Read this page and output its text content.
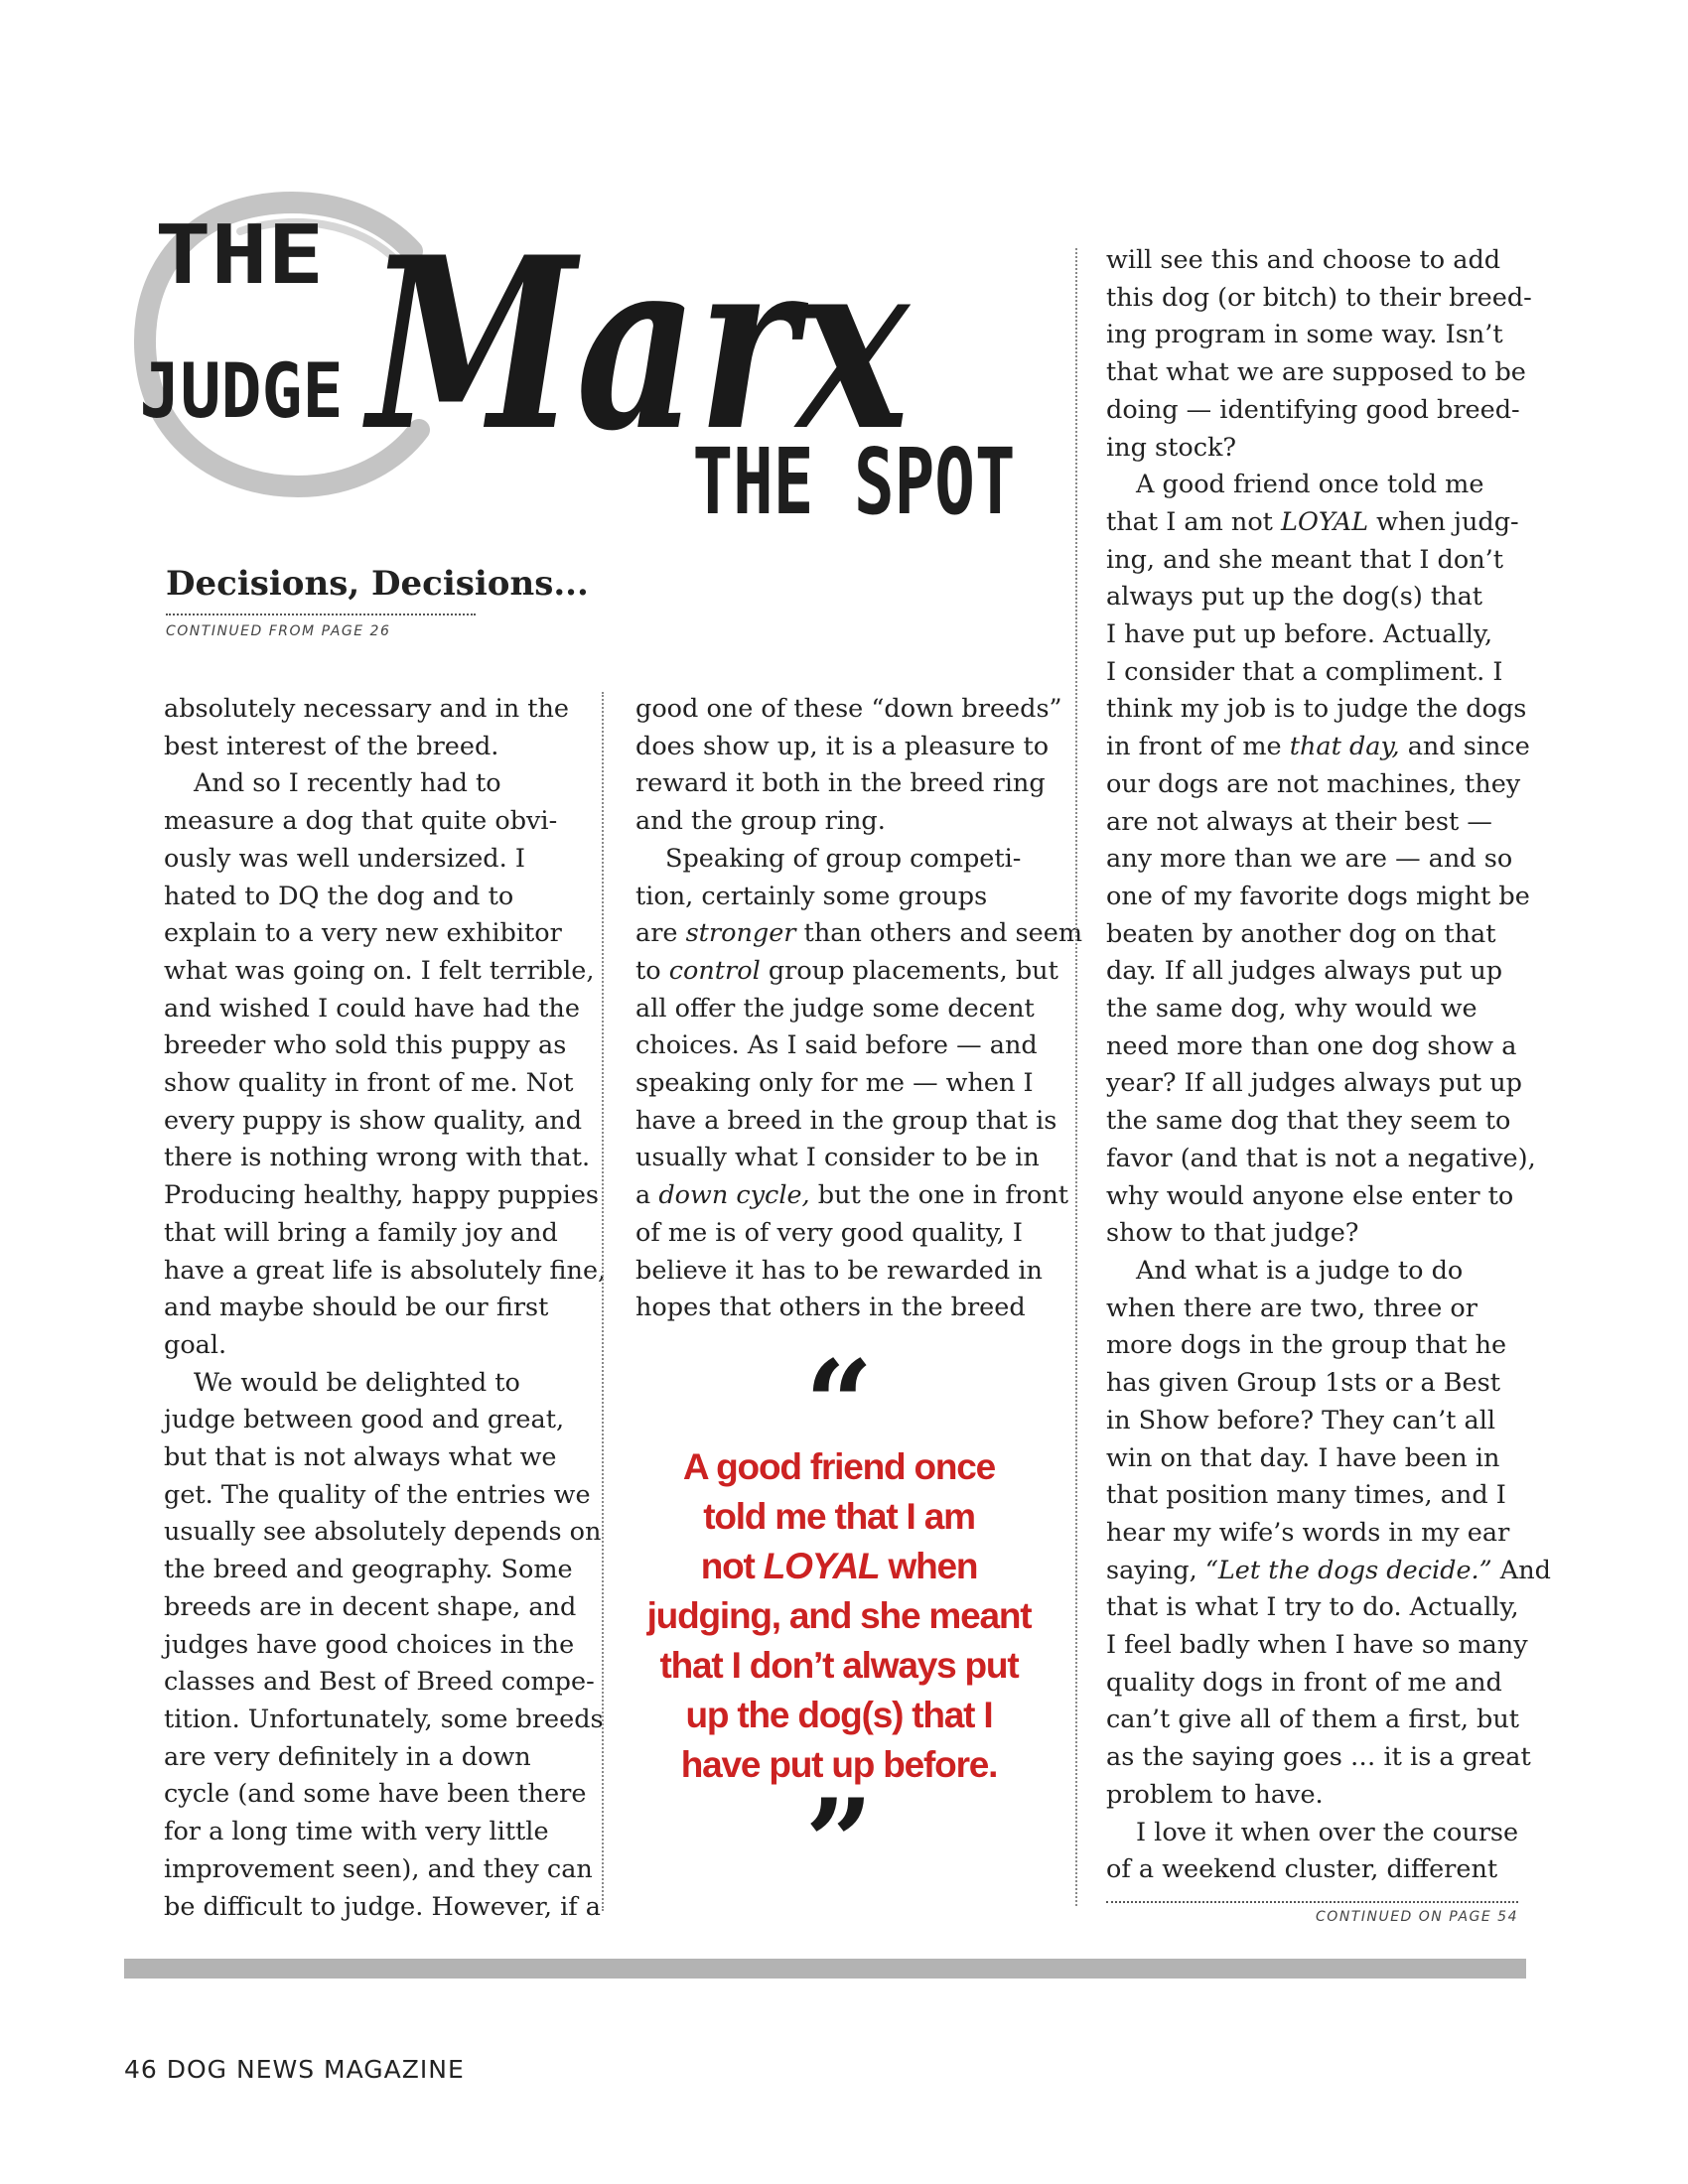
THE
JUDGE Marx
THE SPOT
Decisions, Decisions...
CONTINUED FROM PAGE 26

absolutely necessary and in the

best interest of the breed.

And so I recently had to

measure a dog that quite obvi-

ously was well undersized. I

hated to DQ the dog and to

explain to a very new exhibitor

what was going on. I felt terrible,

and wished I could have had the

breeder who sold this puppy as

show quality in front of me. Not

every puppy is show quality, and

there is nothing wrong with that.

Producing healthy, happy puppies

that will bring a family joy and

have a great life is absolutely fine,

and maybe should be our first

goal.

We would be delighted to

judge between good and great,

but that is not always what we

get. The quality of the entries we

usually see absolutely depends on

the breed and geography. Some

breeds are in decent shape, and

judges have good choices in the

classes and Best of Breed compe-

tition. Unfortunately, some breeds

are very definitely in a down

cycle (and some have been there

for a long time with very little

improvement seen), and they can

be difficult to judge. However, if a

good one of these “down breeds”

does show up, it is a pleasure to

reward it both in the breed ring

and the group ring.

Speaking of group competi-

tion, certainly some groups

are stronger than others and seem

to control group placements, but

all offer the judge some decent

choices. As I said before — and

speaking only for me — when I

have a breed in the group that is

usually what I consider to be in

a down cycle, but the one in front

of me is of very good quality, I

believe it has to be rewarded in

hopes that others in the breed

will see this and choose to add

this dog (or bitch) to their breed-

ing program in some way. Isn’t

that what we are supposed to be

doing — identifying good breed-

ing stock?

A good friend once told me

that I am not LOYAL when judg-

ing, and she meant that I don’t

always put up the dog(s) that

I have put up before. Actually,

I consider that a compliment. I

think my job is to judge the dogs

in front of me that day, and since

our dogs are not machines, they

are not always at their best —

any more than we are — and so

one of my favorite dogs might be

beaten by another dog on that

day. If all judges always put up

the same dog, why would we

need more than one dog show a

year? If all judges always put up

the same dog that they seem to

favor (and that is not a negative),

why would anyone else enter to

show to that judge?

And what is a judge to do

when there are two, three or

more dogs in the group that he

has given Group 1sts or a Best

in Show before? They can’t all

win on that day. I have been in

that position many times, and I

hear my wife’s words in my ear

saying, “Let the dogs decide.” And

that is what I try to do. Actually,

I feel badly when I have so many

quality dogs in front of me and

can’t give all of them a first, but

as the saying goes … it is a great

problem to have.

I love it when over the course

of a weekend cluster, different

CONTINUED ON PAGE 54
“
A good friend once
told me that I am
not LOYAL when
judging, and she meant
that I don’t always put
up the dog(s) that I
have put up before.
”
46 DOG NEWS MAGAZINE
